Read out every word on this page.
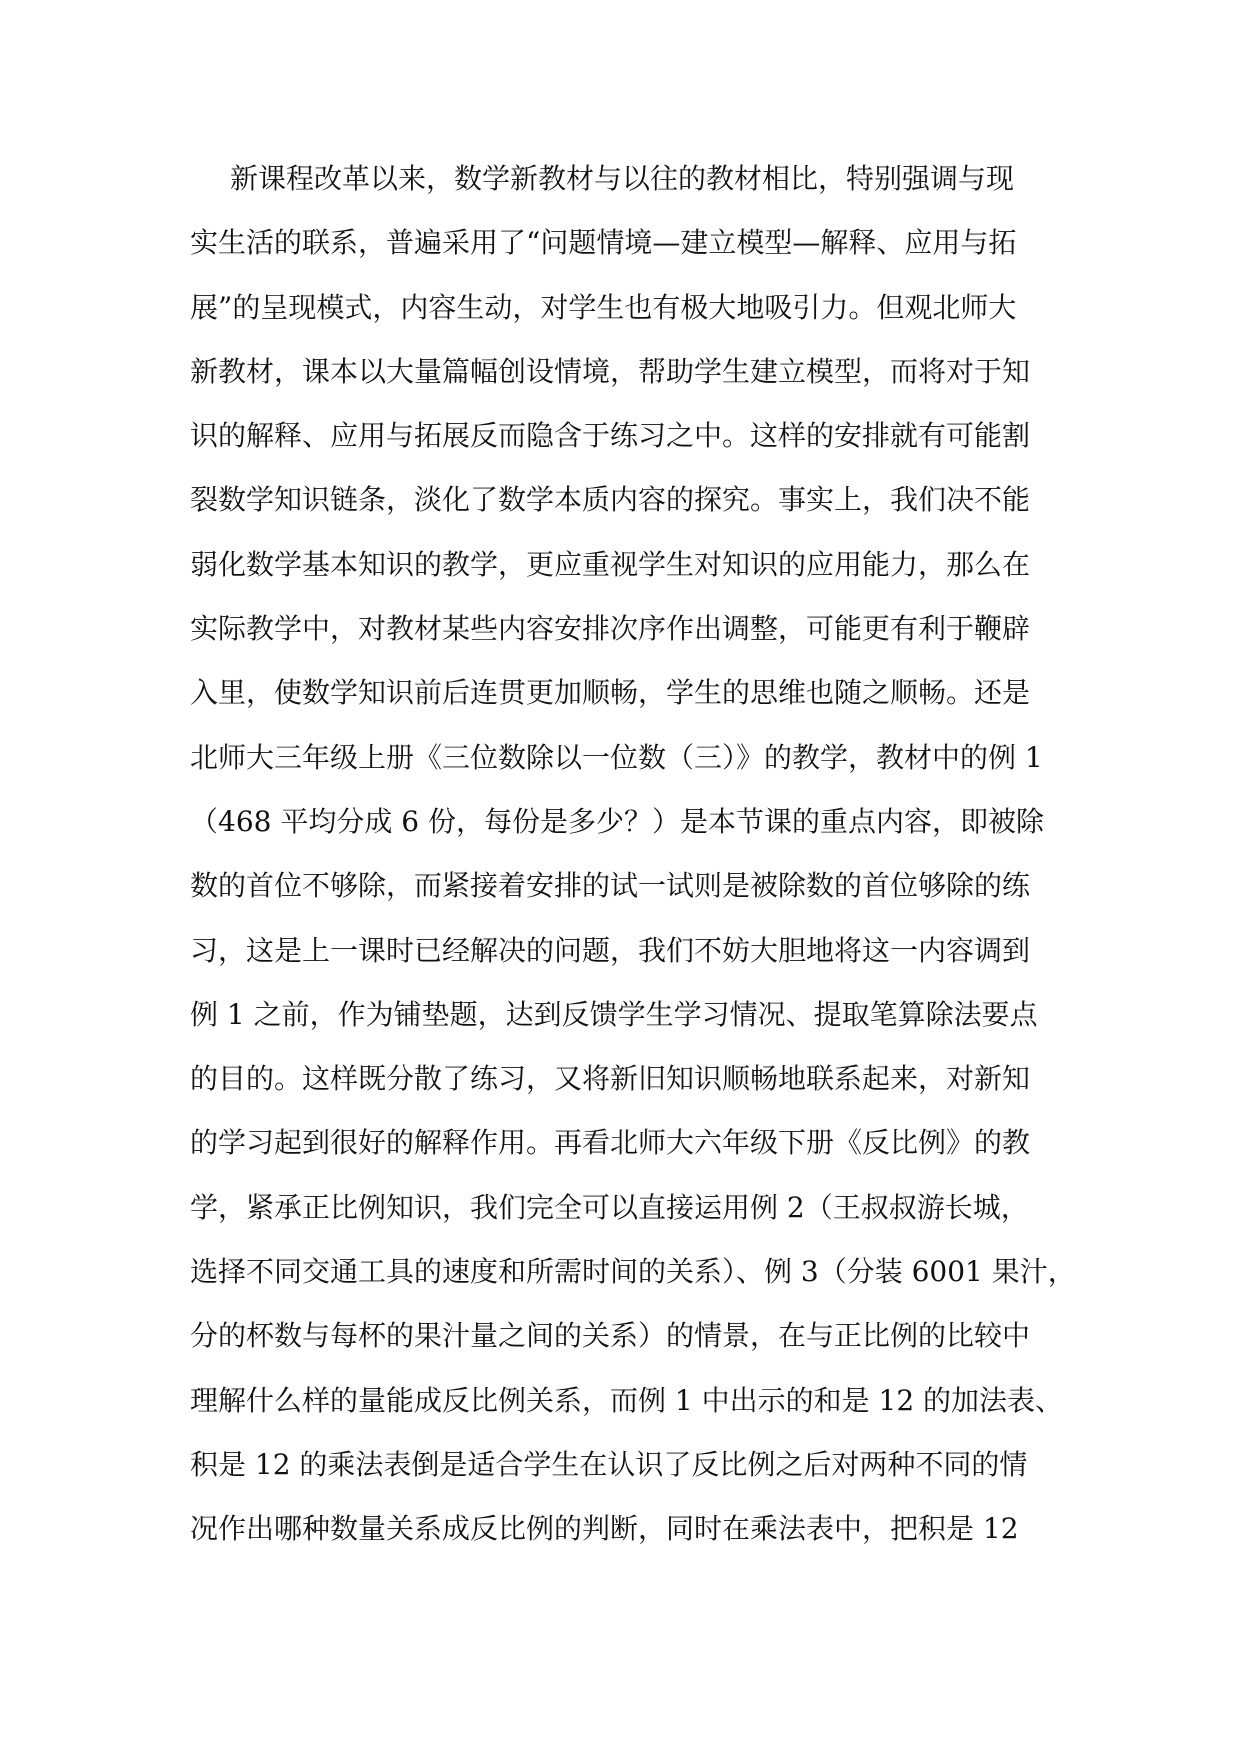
新课程改革以来，数学新教材与以往的教材相比，特别强调与现
实生活的联系，普遍采用了“问题情境—建立模型—解释、应用与拓
展”的呈现模式，内容生动，对学生也有极大地吸引力。但观北师大
新教材，课本以大量篇幅创设情境，帮助学生建立模型，而将对于知
识的解释、应用与拓展反而隐含于练习之中。这样的安排就有可能割
裂数学知识链条，淡化了数学本质内容的探究。事实上，我们决不能
弱化数学基本知识的教学，更应重视学生对知识的应用能力，那么在
实际教学中，对教材某些内容安排次序作出调整，可能更有利于鞭辟
入里，使数学知识前后连贯更加顺畅，学生的思维也随之顺畅。还是
北师大三年级上册《三位数除以一位数（三）》的教学，教材中的例 1
（468 平均分成 6 份，每份是多少？）是本节课的重点内容，即被除
数的首位不够除，而紧接着安排的试一试则是被除数的首位够除的练
习，这是上一课时已经解决的问题，我们不妨大胆地将这一内容调到
例 1 之前，作为铺垫题，达到反馈学生学习情况、提取笔算除法要点
的目的。这样既分散了练习，又将新旧知识顺畅地联系起来，对新知
的学习起到很好的解释作用。再看北师大六年级下册《反比例》的教
学，紧承正比例知识，我们完全可以直接运用例 2（王叔叔游长城，
选择不同交通工具的速度和所需时间的关系）、例 3（分装 6001 果汁，
分的杯数与每杯的果汁量之间的关系）的情景，在与正比例的比较中
理解什么样的量能成反比例关系，而例 1 中出示的和是 12 的加法表、
积是 12 的乘法表倒是适合学生在认识了反比例之后对两种不同的情
况作出哪种数量关系成反比例的判断，同时在乘法表中，把积是 12
